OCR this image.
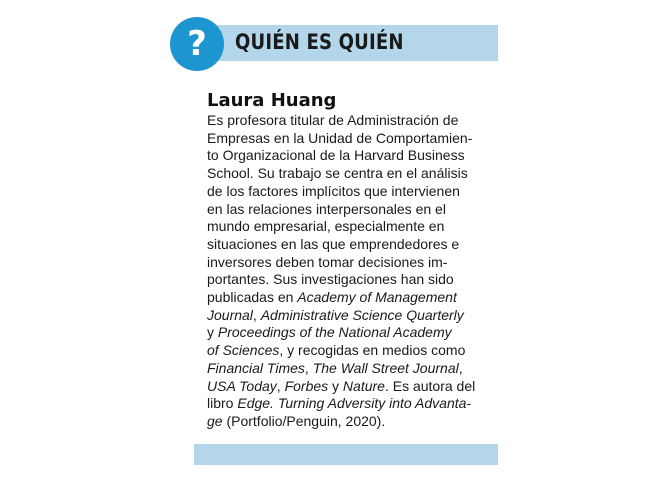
? QUIÉN ES QUIÉN

Laura Huang

Es profesora titular de Administración de

Empresas en la Unidad de Comportamien-

to Organizacional de la Harvard Business

School. Su trabajo se centra en el análisis

de los factores implícitos que intervienen

en las relaciones interpersonales en el

mundo empresarial, especialmente en

situaciones en las que emprendedores e

inversores deben tomar decisiones im-

portantes. Sus investigaciones han sido

publicadas en Academy of Management

Journal, Administrative Science Quarterly

y Proceedings of the National Academy

of Sciences, y recogidas en medios como

Financial Times, The Wall Street Journal,

USA Today, Forbes y Nature. Es autora del

libro Edge. Turning Adversity into Advanta-

ge (Portfolio/Penguin, 2020).
